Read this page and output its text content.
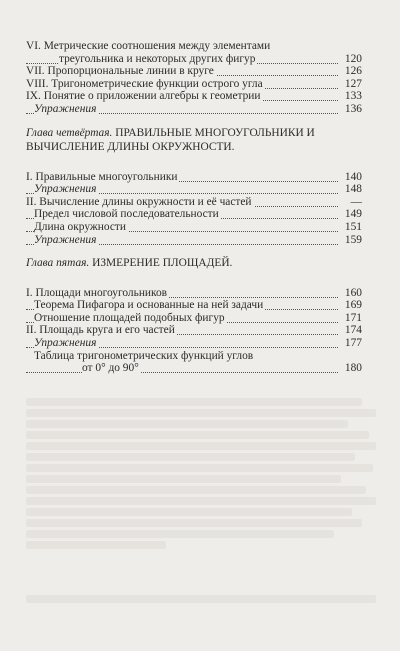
VI. Метрические соотношения между элементами
треугольника и некоторых других фигур	120
VII. Пропорциональные линии в круге	126
VIII. Тригонометрические функции острого угла	127
IX. Понятие о приложении алгебры к геометрии	133
Упражнения	136
Глава четвёртая. ПРАВИЛЬНЫЕ МНОГОУГОЛЬНИКИ И ВЫЧИСЛЕНИЕ ДЛИНЫ ОКРУЖНОСТИ.
I. Правильные многоугольники	140
Упражнения	148
II. Вычисление длины окружности и её частей	—
Предел числовой последовательности	149
Длина окружности	151
Упражнения	159
Глава пятая. ИЗМЕРЕНИЕ ПЛОЩАДЕЙ.
I. Площади многоугольников	160
Теорема Пифагора и основанные на ней задачи	169
Отношение площадей подобных фигур	171
II. Площадь круга и его частей	174
Упражнения	177
Таблица тригонометрических функций углов
от 0° до 90°	180
